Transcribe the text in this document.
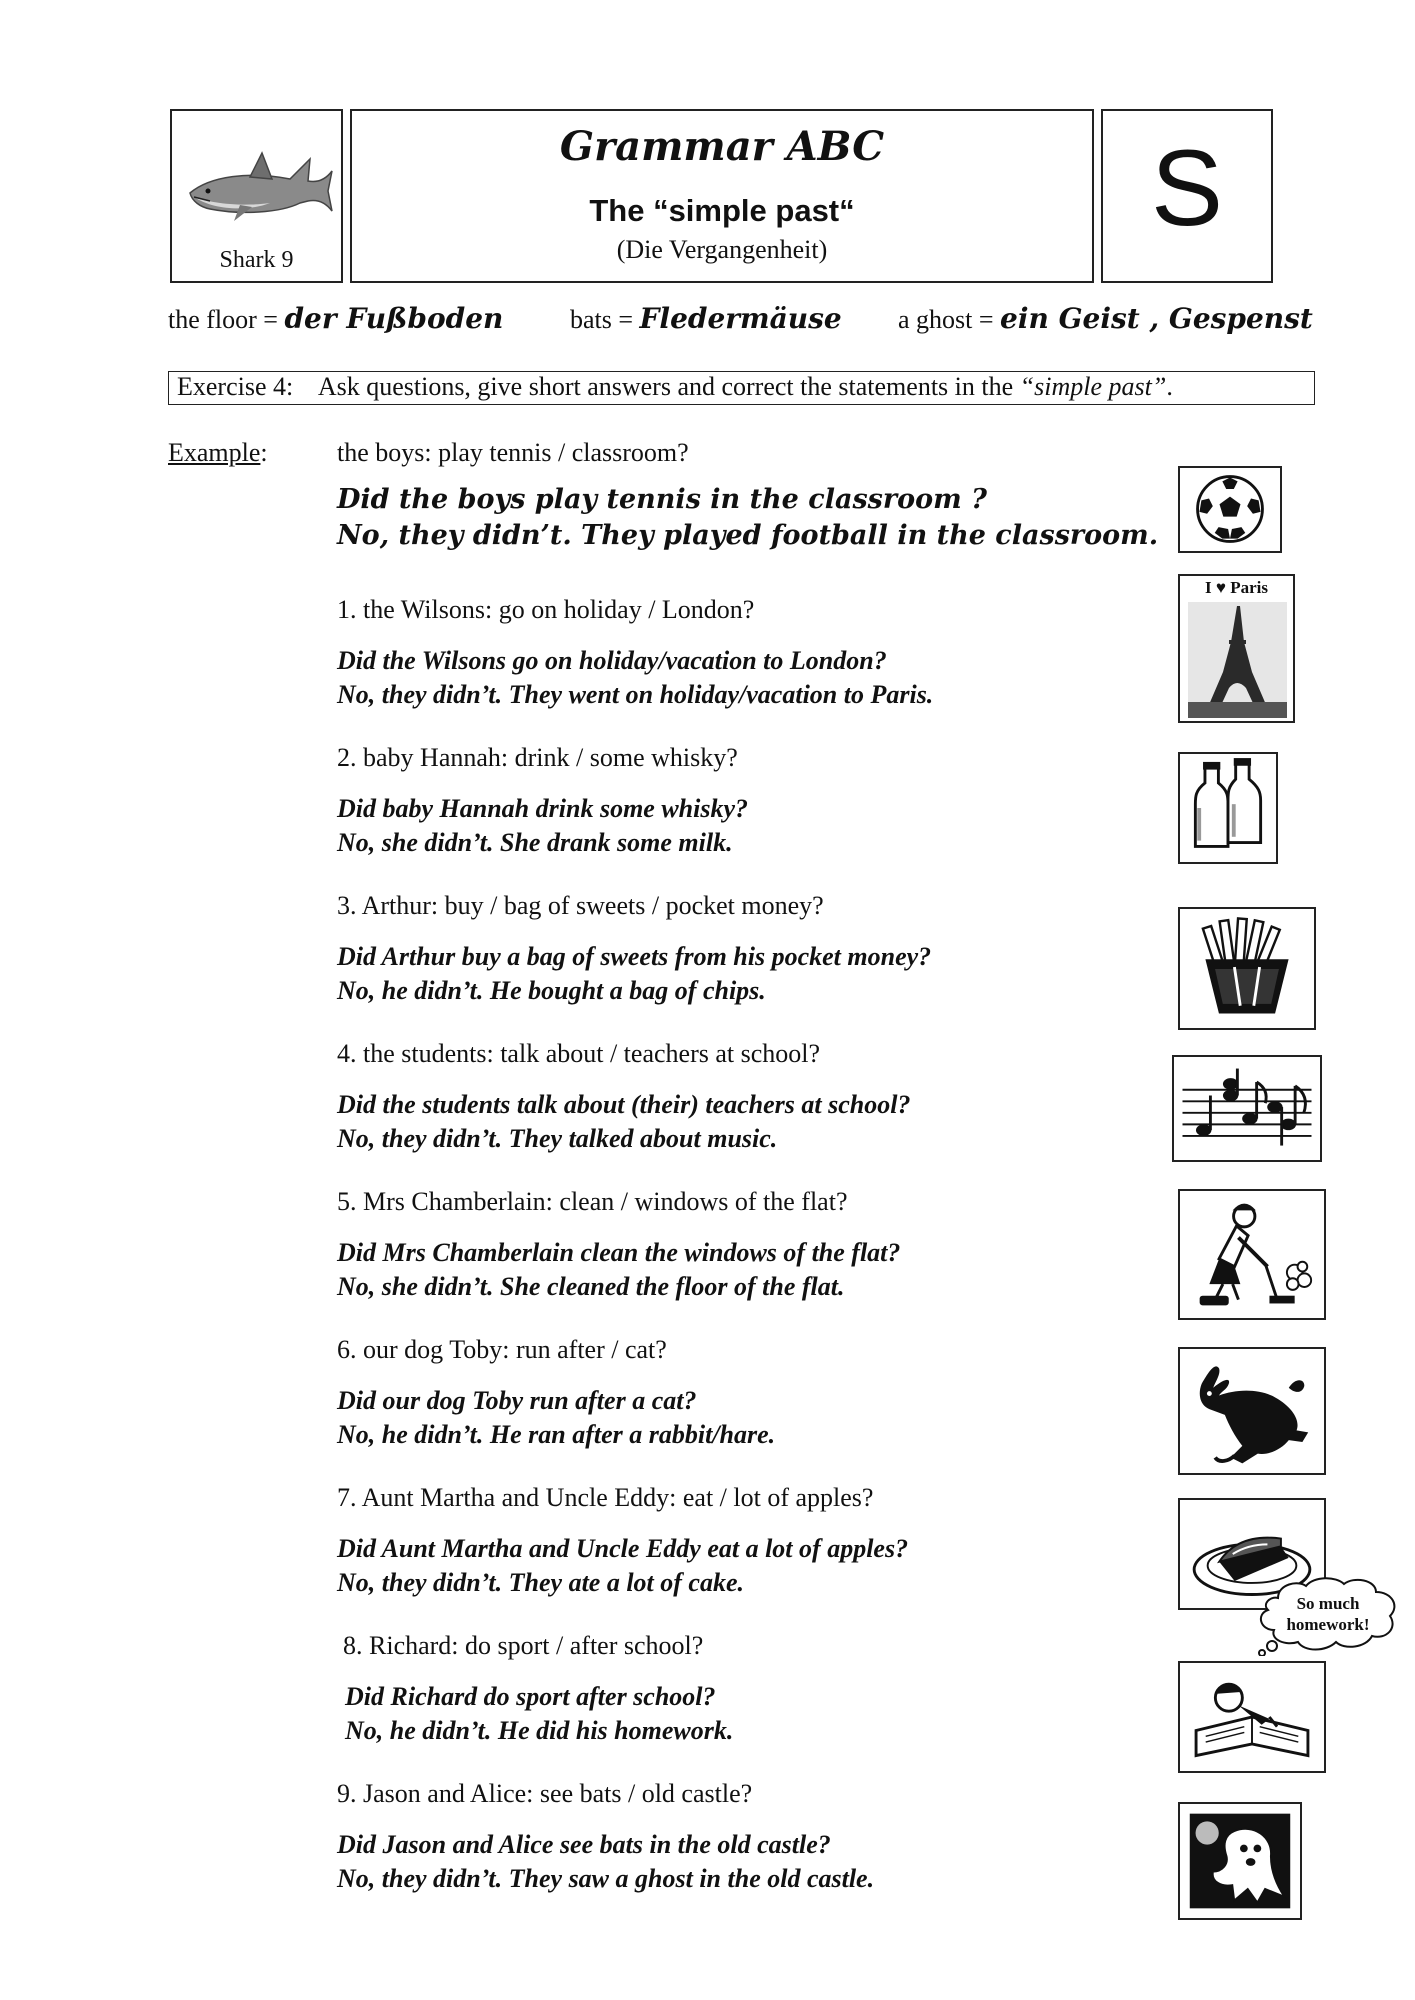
Shark 9
Grammar ABC
The “simple past“
(Die Vergangenheit)
S
the floor = der Fußboden	bats = Fledermäuse a ghost = ein Geist , Gespenst
Exercise 4: Ask questions, give short answers and correct the statements in the “simple past”.
Example:	the boys: play tennis / classroom?
Did the boys play tennis in the classroom ?
No, they didn’t. They played football in the classroom.
1. the Wilsons: go on holiday / London?
Did the Wilsons go on holiday/vacation to London?
No, they didn’t. They went on holiday/vacation to Paris.
2. baby Hannah: drink / some whisky?
Did baby Hannah drink some whisky?
No, she didn’t. She drank some milk.
3. Arthur: buy / bag of sweets / pocket money?
Did Arthur buy a bag of sweets from his pocket money?
No, he didn’t. He bought a bag of chips.
4. the students: talk about / teachers at school?
Did the students talk about (their) teachers at school?
No, they didn’t. They talked about music.
5. Mrs Chamberlain: clean / windows of the flat?
Did Mrs Chamberlain clean the windows of the flat?
No, she didn’t. She cleaned the floor of the flat.
6. our dog Toby: run after / cat?
Did our dog Toby run after a cat?
No, he didn’t. He ran after a rabbit/hare.
7. Aunt Martha and Uncle Eddy: eat / lot of apples?
Did Aunt Martha and Uncle Eddy eat a lot of apples?
No, they didn’t. They ate a lot of cake.
8. Richard: do sport / after school?
Did Richard do sport after school?
No, he didn’t. He did his homework.
9. Jason and Alice: see bats / old castle?
Did Jason and Alice see bats in the old castle?
No, they didn’t. They saw a ghost in the old castle.
I ♥ Paris
So much
homework!
